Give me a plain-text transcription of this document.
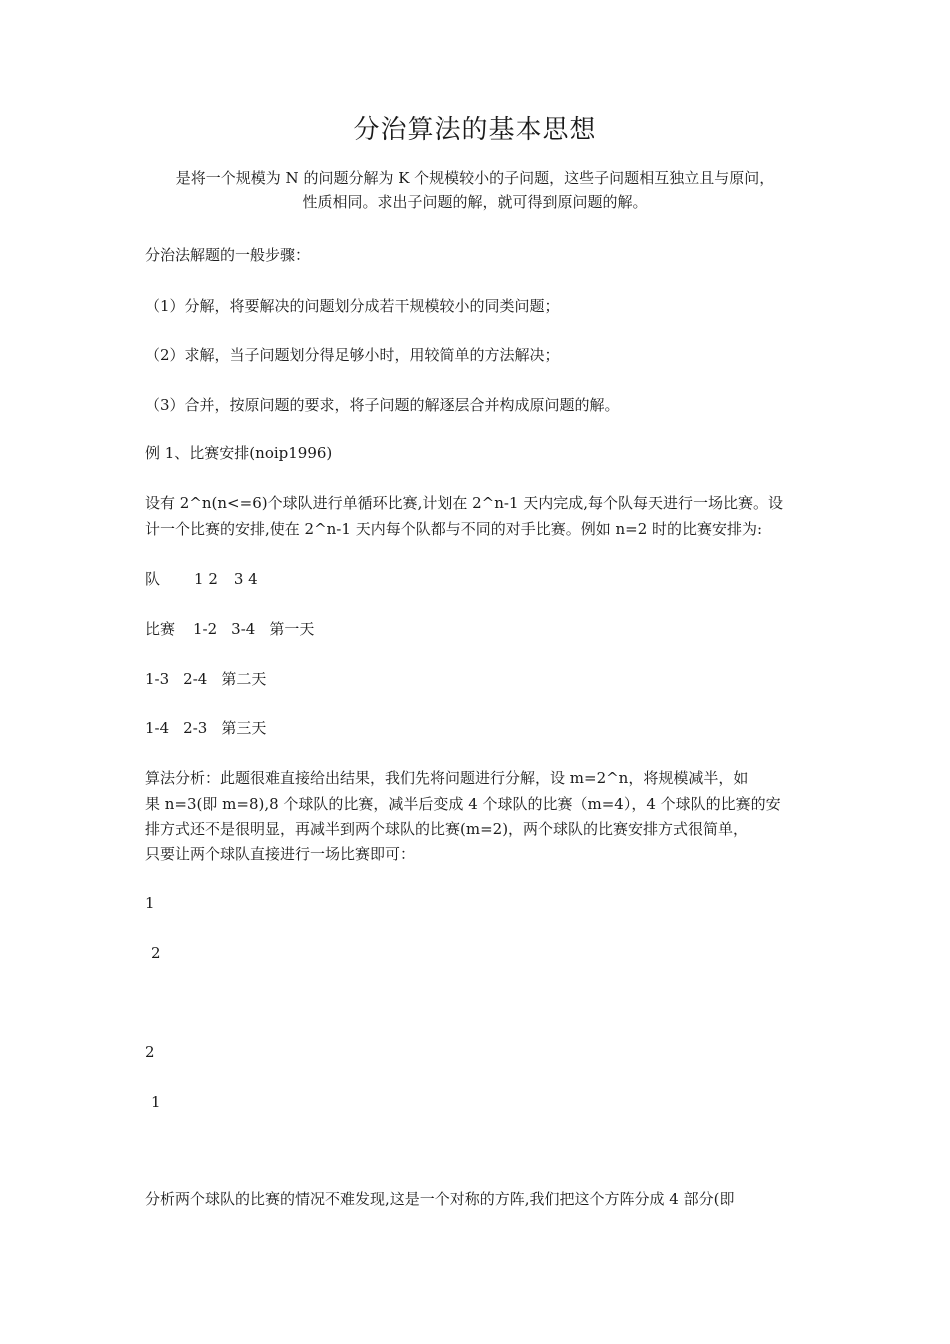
分治算法的基本思想
是将一个规模为 N 的问题分解为 K 个规模较小的子问题，这些子问题相互独立且与原问，
性质相同。求出子问题的解，就可得到原问题的解。
分治法解题的一般步骤：
（1）分解，将要解决的问题划分成若干规模较小的同类问题；
（2）求解，当子问题划分得足够小时，用较简单的方法解决；
（3）合并，按原问题的要求，将子问题的解逐层合并构成原问题的解。
例 1、比赛安排(noip1996)
设有 2^n(n<=6)个球队进行单循环比赛,计划在 2^n-1 天内完成,每个队每天进行一场比赛。设
计一个比赛的安排,使在 2^n-1 天内每个队都与不同的对手比赛。例如 n=2 时的比赛安排为:
队 1 2 3 4
比赛 1-2 3-4 第一天
1-3 2-4 第二天
1-4 2-3 第三天
算法分析：此题很难直接给出结果，我们先将问题进行分解，设 m=2^n，将规模减半，如
果 n=3(即 m=8),8 个球队的比赛，减半后变成 4 个球队的比赛（m=4），4 个球队的比赛的安
排方式还不是很明显，再减半到两个球队的比赛(m=2)，两个球队的比赛安排方式很简单，
只要让两个球队直接进行一场比赛即可：
1
2
2
1
分析两个球队的比赛的情况不难发现,这是一个对称的方阵,我们把这个方阵分成 4 部分(即
